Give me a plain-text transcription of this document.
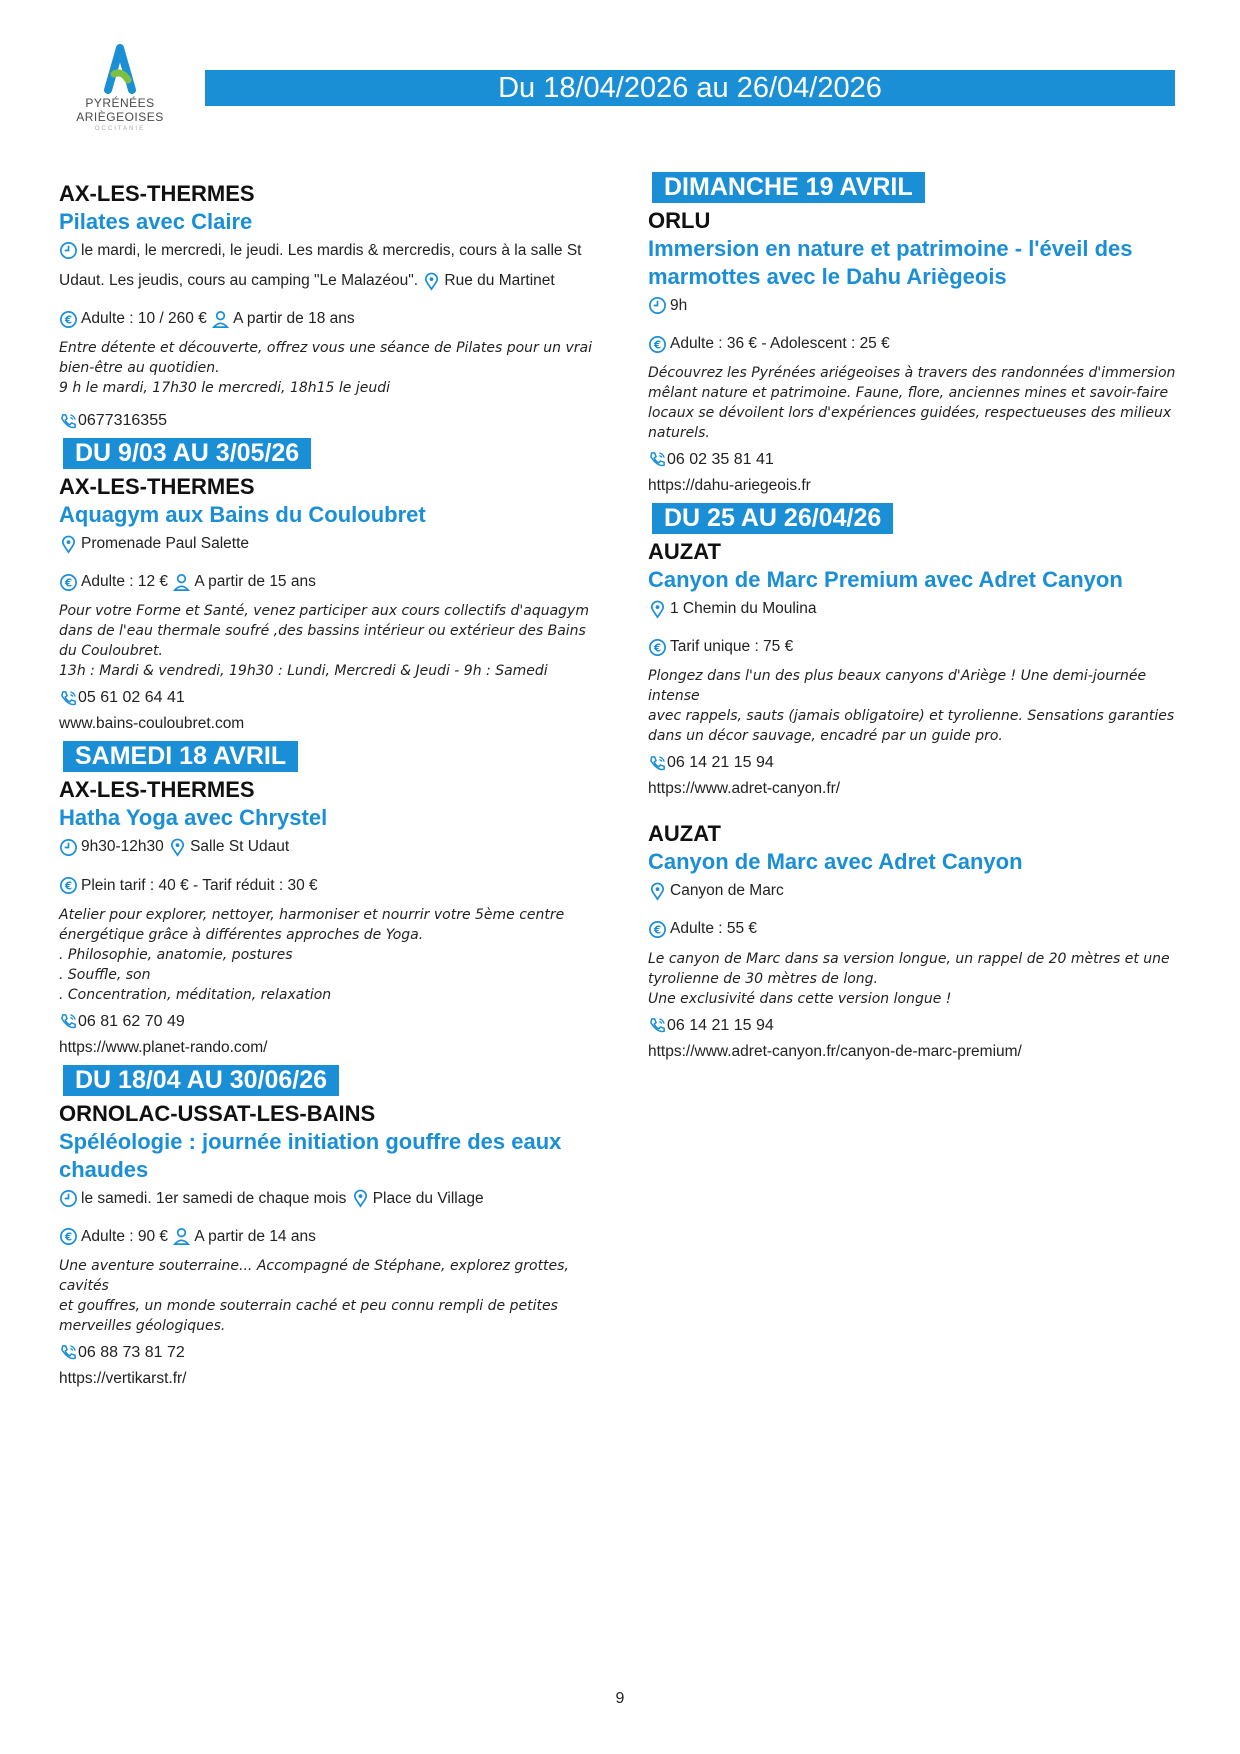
PYRÉNÉES
ARIÈGEOISES
OCCITANIE
Du 18/04/2026 au 26/04/2026
AX-LES-THERMES
Pilates avec Claire
le mardi, le mercredi, le jeudi. Les mardis & mercredis, cours à la salle St
Udaut. Les jeudis, cours au camping "Le Malazéou". Rue du Martinet
€ Adulte : 10 / 260 € A partir de 18 ans
Entre détente et découverte, offrez vous une séance de Pilates pour un vrai
bien-être au quotidien.
9 h le mardi, 17h30 le mercredi, 18h15 le jeudi
0677316355
DU 9/03 AU 3/05/26
AX-LES-THERMES
Aquagym aux Bains du Couloubret
Promenade Paul Salette
€ Adulte : 12 € A partir de 15 ans
Pour votre Forme et Santé, venez participer aux cours collectifs d'aquagym
dans de l'eau thermale soufré ,des bassins intérieur ou extérieur des Bains
du Couloubret.
13h : Mardi & vendredi, 19h30 : Lundi, Mercredi & Jeudi - 9h : Samedi
05 61 02 64 41
www.bains-couloubret.com
SAMEDI 18 AVRIL
AX-LES-THERMES
Hatha Yoga avec Chrystel
9h30-12h30 Salle St Udaut
€ Plein tarif : 40 € - Tarif réduit : 30 €
Atelier pour explorer, nettoyer, harmoniser et nourrir votre 5ème centre
énergétique grâce à différentes approches de Yoga.
. Philosophie, anatomie, postures
. Souffle, son
. Concentration, méditation, relaxation
06 81 62 70 49
https://www.planet-rando.com/
DU 18/04 AU 30/06/26
ORNOLAC-USSAT-LES-BAINS
Spéléologie : journée initiation gouffre des eaux
chaudes
le samedi. 1er samedi de chaque mois Place du Village
€ Adulte : 90 € A partir de 14 ans
Une aventure souterraine... Accompagné de Stéphane, explorez grottes, cavités
et gouffres, un monde souterrain caché et peu connu rempli de petites
merveilles géologiques.
06 88 73 81 72
https://vertikarst.fr/
DIMANCHE 19 AVRIL
ORLU
Immersion en nature et patrimoine - l'éveil des
marmottes avec le Dahu Ariègeois
9h
€ Adulte : 36 € - Adolescent : 25 €
Découvrez les Pyrénées ariégeoises à travers des randonnées d'immersion
mêlant nature et patrimoine. Faune, flore, anciennes mines et savoir-faire
locaux se dévoilent lors d'expériences guidées, respectueuses des milieux
naturels.
06 02 35 81 41
https://dahu-ariegeois.fr
DU 25 AU 26/04/26
AUZAT
Canyon de Marc Premium avec Adret Canyon
1 Chemin du Moulina
€ Tarif unique : 75 €
Plongez dans l'un des plus beaux canyons d'Ariège ! Une demi-journée intense
avec rappels, sauts (jamais obligatoire) et tyrolienne. Sensations garanties
dans un décor sauvage, encadré par un guide pro.
06 14 21 15 94
https://www.adret-canyon.fr/
AUZAT
Canyon de Marc avec Adret Canyon
Canyon de Marc
€ Adulte : 55 €
Le canyon de Marc dans sa version longue, un rappel de 20 mètres et une
tyrolienne de 30 mètres de long.
Une exclusivité dans cette version longue !
06 14 21 15 94
https://www.adret-canyon.fr/canyon-de-marc-premium/
9
